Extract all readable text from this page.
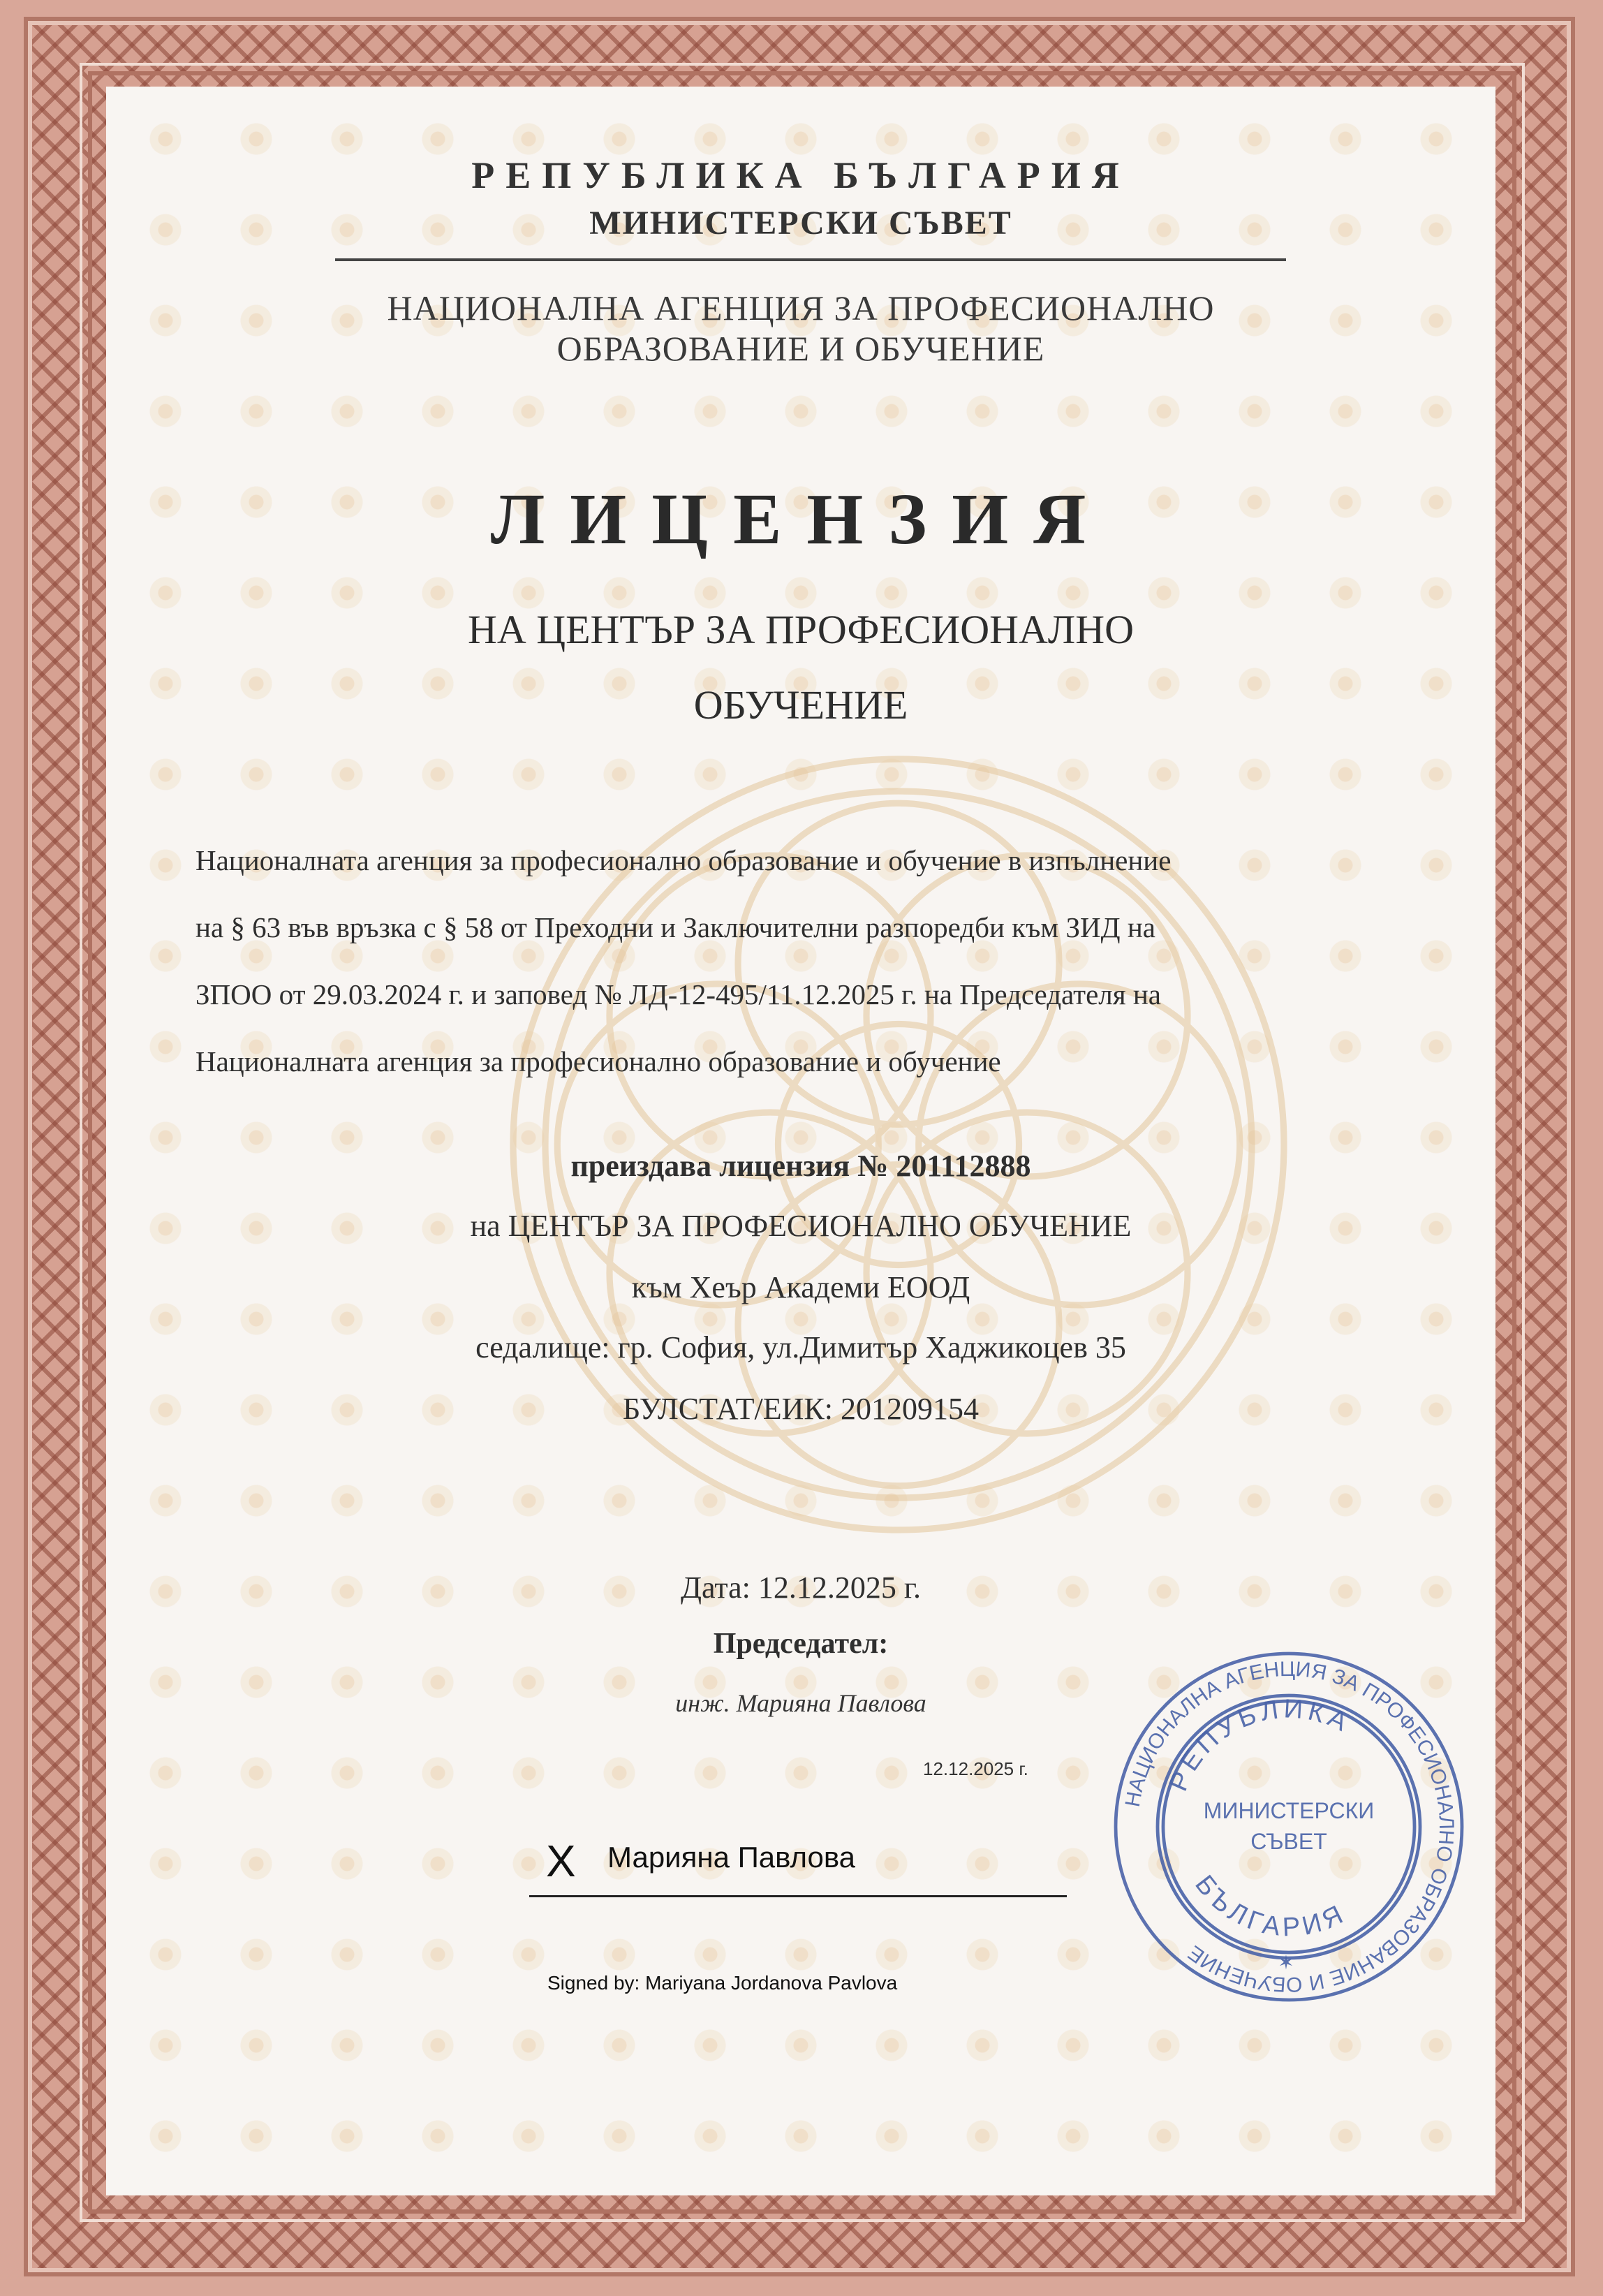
РЕПУБЛИКА БЪЛГАРИЯ
МИНИСТЕРСКИ СЪВЕТ
НАЦИОНАЛНА АГЕНЦИЯ ЗА ПРОФЕСИОНАЛНО
ОБРАЗОВАНИЕ И ОБУЧЕНИЕ
ЛИЦЕНЗИЯ
НА ЦЕНТЪР ЗА ПРОФЕСИОНАЛНО
ОБУЧЕНИЕ
Националната агенция за професионално образование и обучение в изпълнение
на § 63 във връзка с § 58 от Преходни и Заключителни разпоредби към ЗИД на
ЗПОО от 29.03.2024 г. и заповед № ЛД-12-495/11.12.2025 г. на Председателя на
Националната агенция за професионално образование и обучение
преиздава лицензия № 201112888
на ЦЕНТЪР ЗА ПРОФЕСИОНАЛНО ОБУЧЕНИЕ
към Хеър Академи ЕООД
седалище: гр. София, ул.Димитър Хаджикоцев 35
БУЛСТАТ/ЕИК: 201209154
Дата: 12.12.2025 г.
Председател:
инж. Марияна Павлова
12.12.2025 г.
X Марияна Павлова
Signed by: Mariyana Jordanova Pavlova
НАЦИОНАЛНА АГЕНЦИЯ ЗА ПРОФЕСИОНАЛНО ОБРАЗОВАНИЕ И ОБУЧЕНИЕ
РЕПУБЛИКА
МИНИСТЕРСКИ
СЪВЕТ
БЪЛГАРИЯ
✶
